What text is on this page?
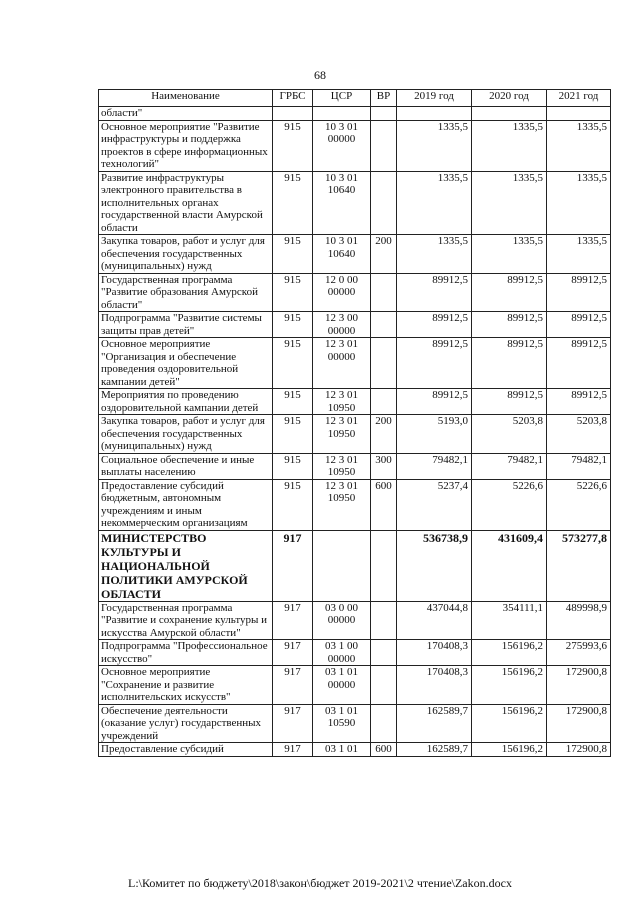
68
Наименование	ГРБС	ЦСР	ВР	2019 год	2020 год	2021 год
области"						
Основное мероприятие "Развитие инфраструктуры и поддержка проектов в сфере информационных технологий"	915	10 3 01 00000		1335,5	1335,5	1335,5
Развитие инфраструктуры электронного правительства в исполнительных органах государственной власти Амурской области	915	10 3 01 10640		1335,5	1335,5	1335,5
Закупка товаров, работ и услуг для обеспечения государственных (муниципальных) нужд	915	10 3 01 10640	200	1335,5	1335,5	1335,5
Государственная программа "Развитие образования Амурской области"	915	12 0 00 00000		89912,5	89912,5	89912,5
Подпрограмма "Развитие системы защиты прав детей"	915	12 3 00 00000		89912,5	89912,5	89912,5
Основное мероприятие "Организация и обеспечение проведения оздоровительной кампании детей"	915	12 3 01 00000		89912,5	89912,5	89912,5
Мероприятия по проведению оздоровительной кампании детей	915	12 3 01 10950		89912,5	89912,5	89912,5
Закупка товаров, работ и услуг для обеспечения государственных (муниципальных) нужд	915	12 3 01 10950	200	5193,0	5203,8	5203,8
Социальное обеспечение и иные выплаты населению	915	12 3 01 10950	300	79482,1	79482,1	79482,1
Предоставление субсидий бюджетным, автономным учреждениям и иным некоммерческим организациям	915	12 3 01 10950	600	5237,4	5226,6	5226,6
МИНИСТЕРСТВО КУЛЬТУРЫ И НАЦИОНАЛЬНОЙ ПОЛИТИКИ АМУРСКОЙ ОБЛАСТИ	917			536738,9	431609,4	573277,8
Государственная программа "Развитие и сохранение культуры и искусства Амурской области"	917	03 0 00 00000		437044,8	354111,1	489998,9
Подпрограмма "Профессиональное искусство"	917	03 1 00 00000		170408,3	156196,2	275993,6
Основное мероприятие "Сохранение и развитие исполнительских искусств"	917	03 1 01 00000		170408,3	156196,2	172900,8
Обеспечение деятельности (оказание услуг) государственных учреждений	917	03 1 01 10590		162589,7	156196,2	172900,8
Предоставление субсидий	917	03 1 01	600	162589,7	156196,2	172900,8
L:\Комитет по бюджету\2018\закон\бюджет 2019-2021\2 чтение\Zakon.docx
